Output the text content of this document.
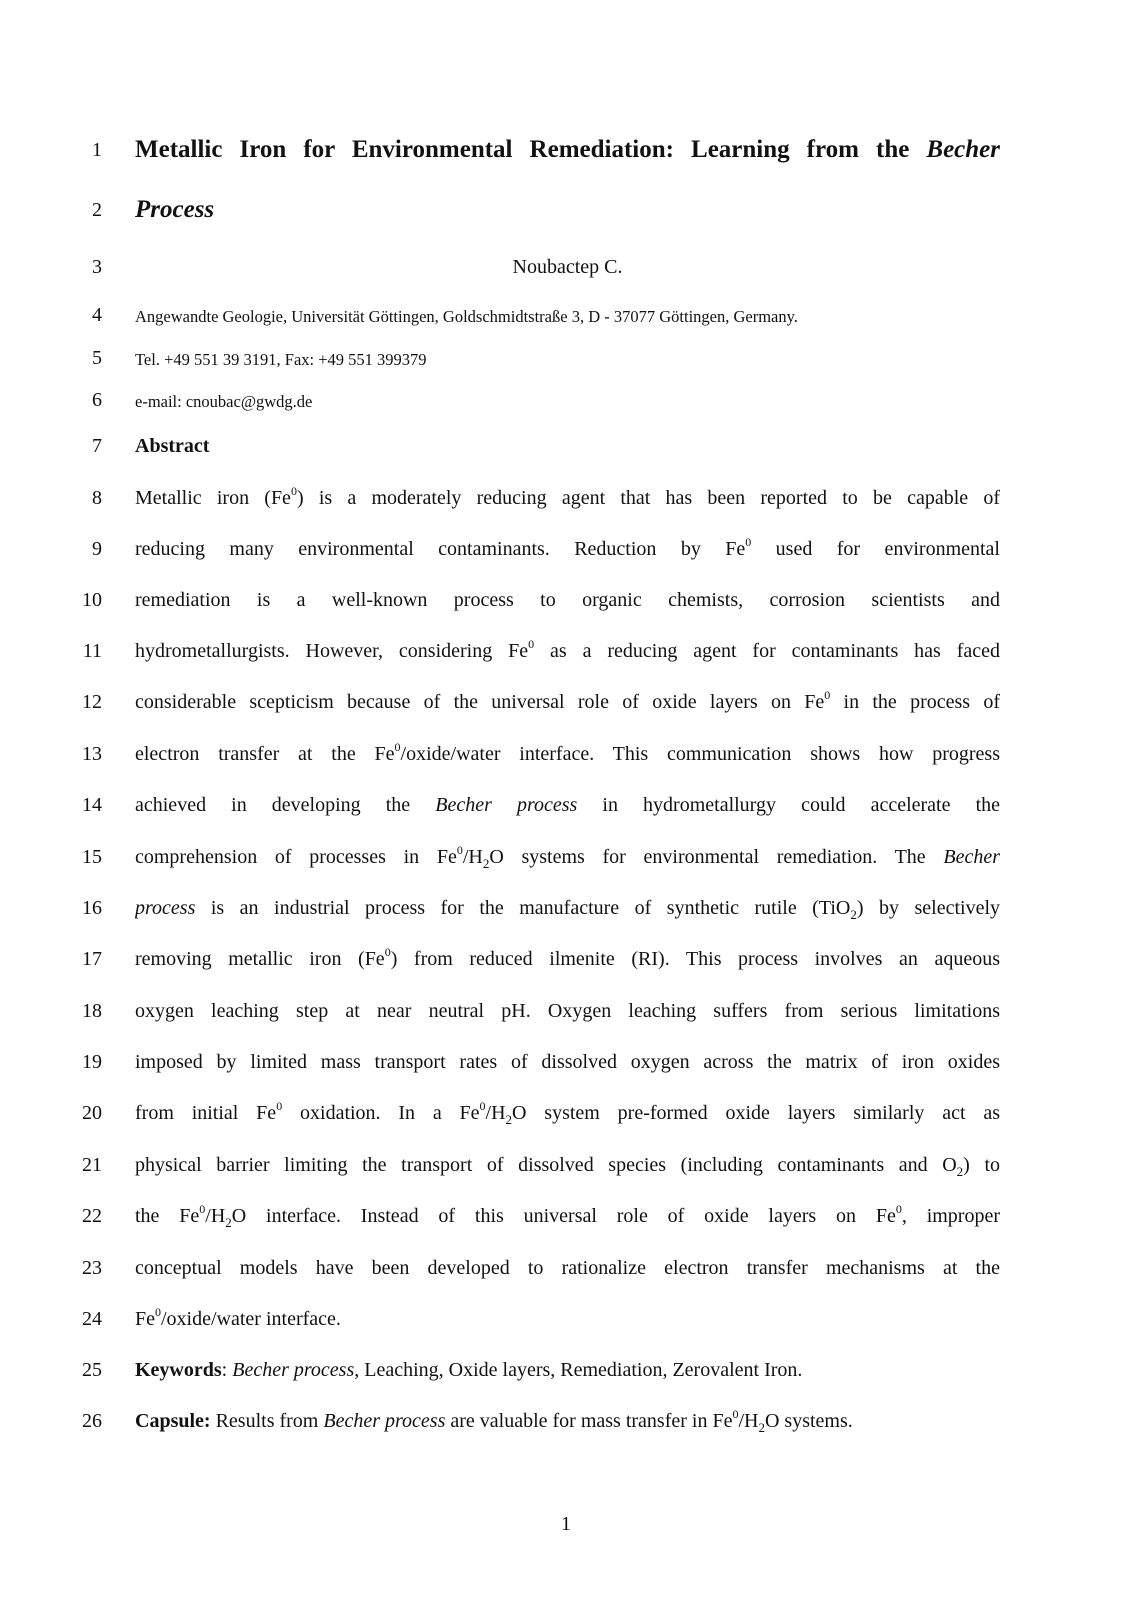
1
2
3
4
5
6
7
8
9
10
11
12
13
14
15
16
17
18
19
20
21
22
23
24
25
26
Metallic Iron for Environmental Remediation: Learning from the Becher
Process
Noubactep C.
Angewandte Geologie, Universität Göttingen, Goldschmidtstraße 3, D - 37077 Göttingen, Germany.
Tel. +49 551 39 3191, Fax: +49 551 399379
e-mail: cnoubac@gwdg.de
Abstract
Metallic iron (Fe$^0$) is a moderately reducing agent that has been reported to be capable of
reducing many environmental contaminants. Reduction by Fe$^0$ used for environmental
remediation is a well-known process to organic chemists, corrosion scientists and
hydrometallurgists. However, considering Fe$^0$ as a reducing agent for contaminants has faced
considerable scepticism because of the universal role of oxide layers on Fe$^0$ in the process of
electron transfer at the Fe$^0$/oxide/water interface. This communication shows how progress
achieved in developing the Becher process in hydrometallurgy could accelerate the
comprehension of processes in $Fe^0/H_2O$ systems for environmental remediation. The Becher
process is an industrial process for the manufacture of synthetic rutile (TiO$_2$) by selectively
removing metallic iron (Fe$^0$) from reduced ilmenite (RI). This process involves an aqueous
oxygen leaching step at near neutral pH. Oxygen leaching suffers from serious limitations
imposed by limited mass transport rates of dissolved oxygen across the matrix of iron oxides
from initial Fe$^0$ oxidation. In a $Fe^0/H_2O$ system pre-formed oxide layers similarly act as
physical barrier limiting the transport of dissolved species (including contaminants and $O_2$) to
the $Fe^0/H_2O$ interface. Instead of this universal role of oxide layers on Fe$^0$, improper
conceptual models have been developed to rationalize electron transfer mechanisms at the
Fe$^0$/oxide/water interface.
Keywords: Becher process, Leaching, Oxide layers, Remediation, Zerovalent Iron.
Capsule: Results from Becher process are valuable for mass transfer in $Fe^0/H_2O$ systems.
1
